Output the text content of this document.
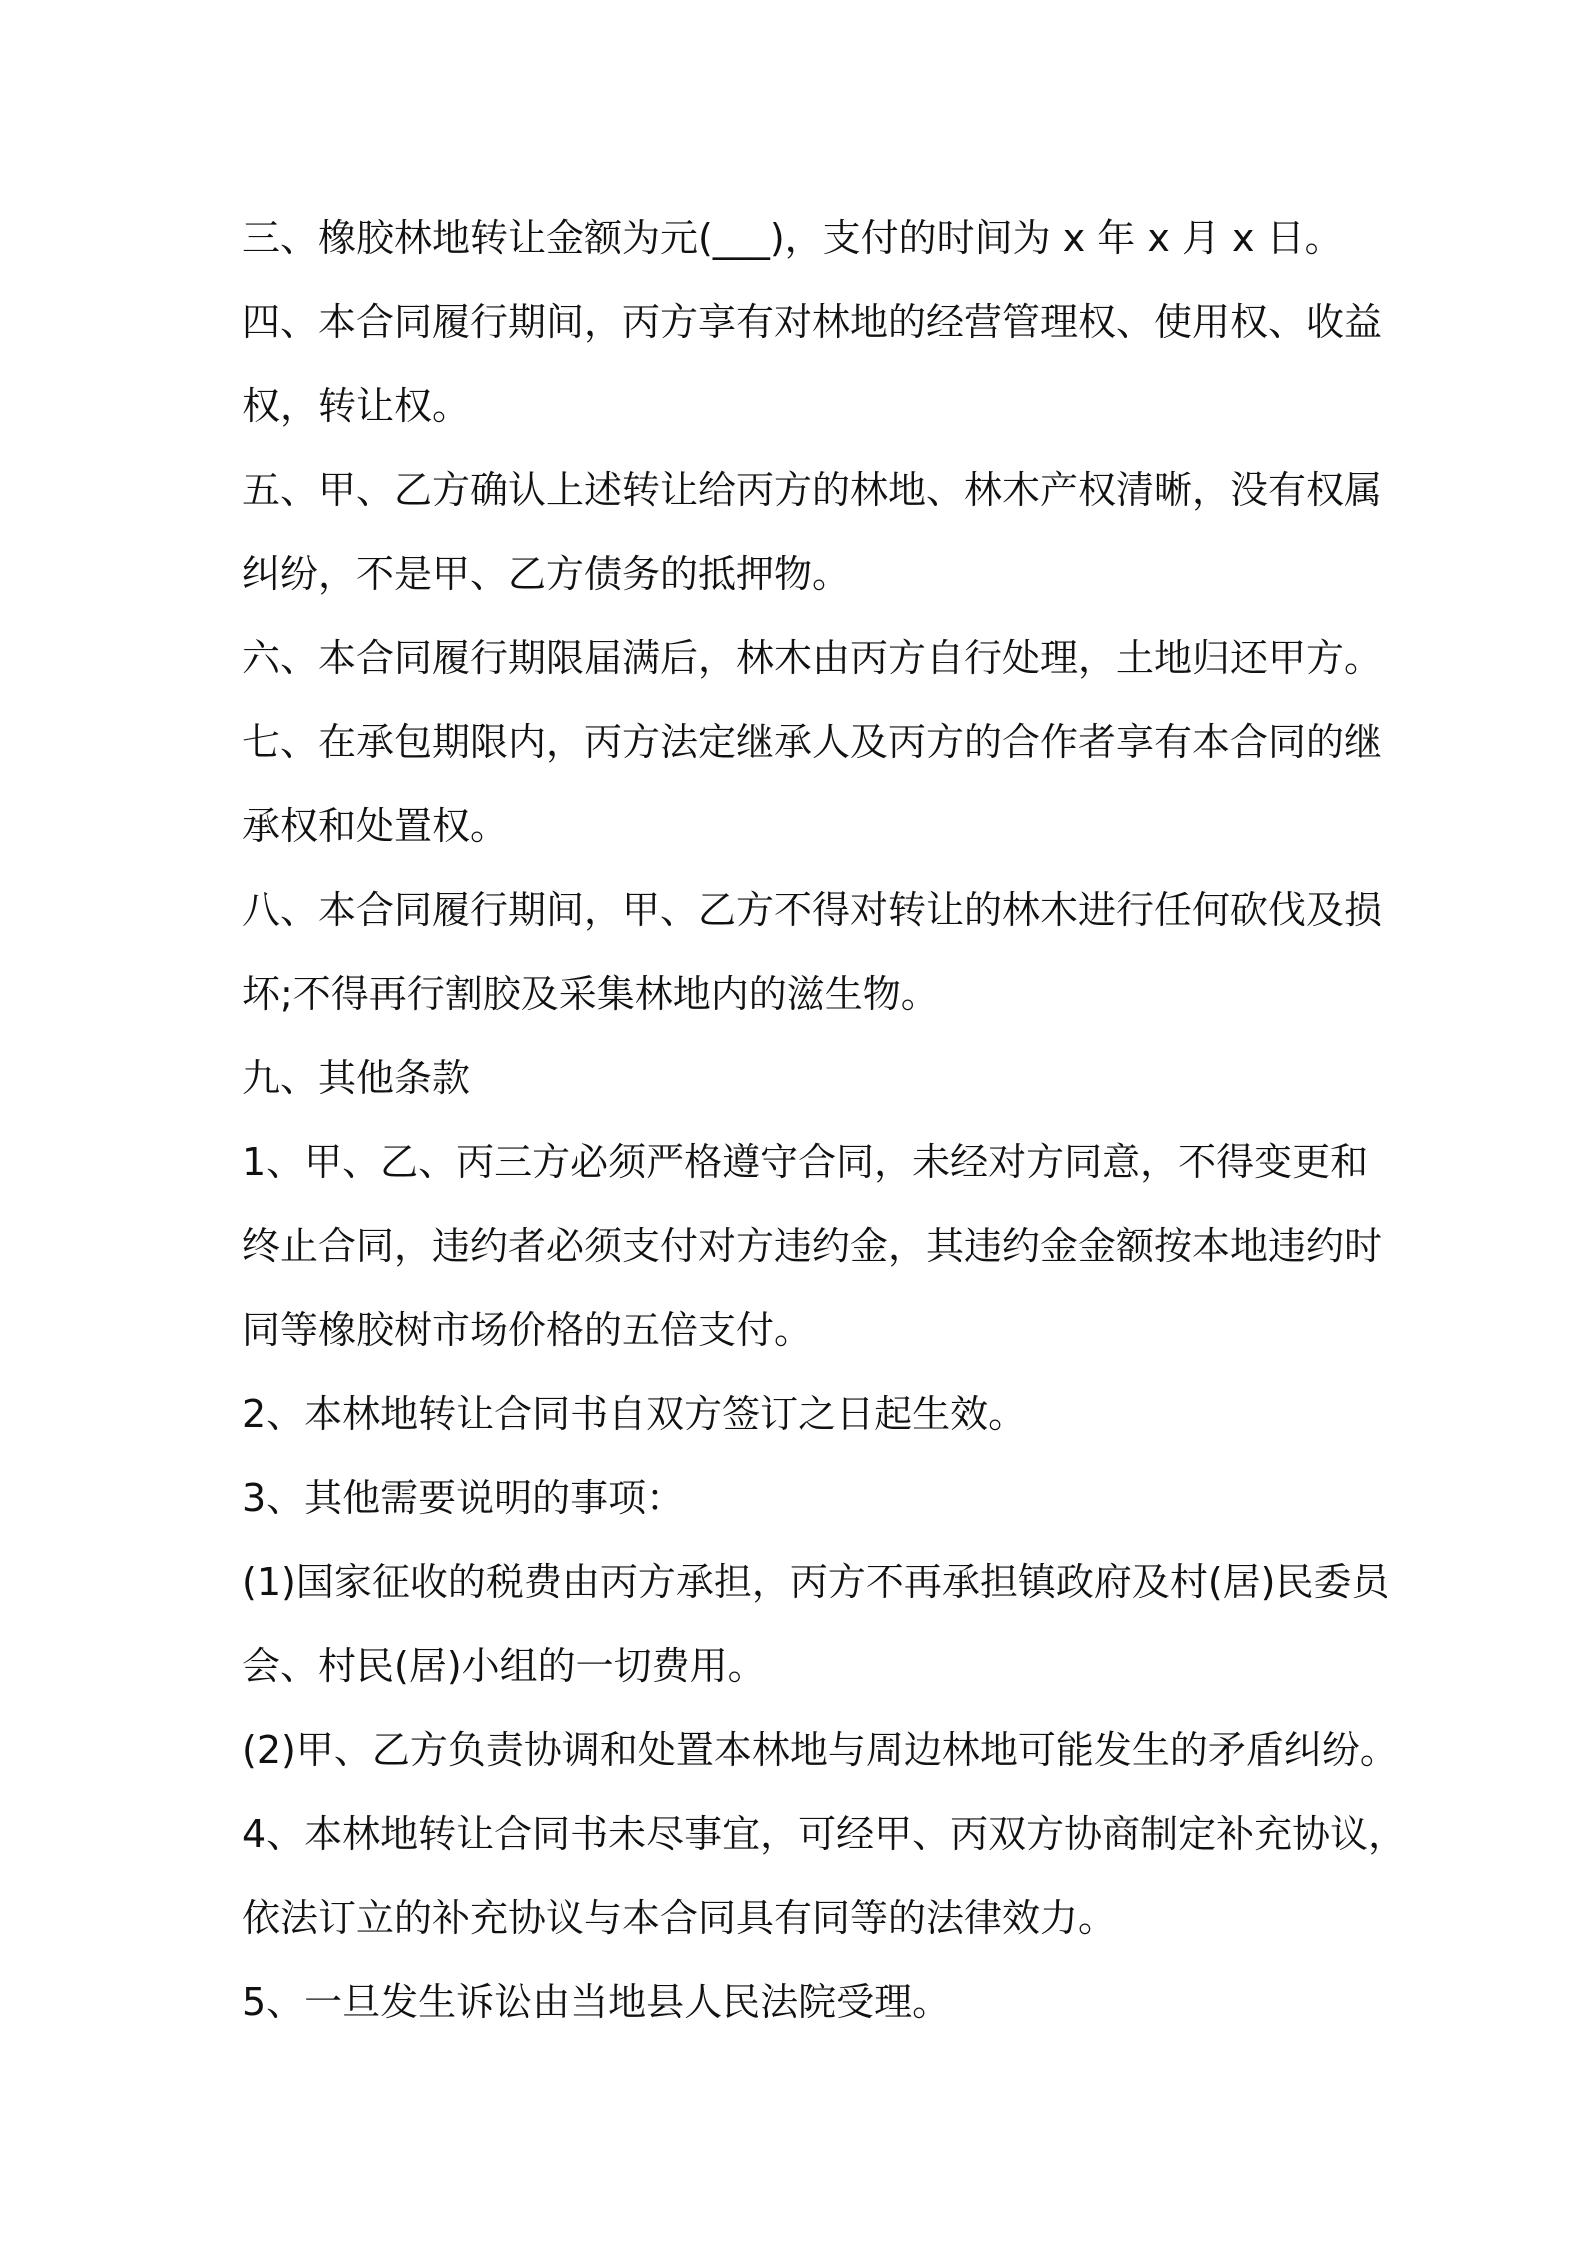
三、橡胶林地转让金额为元(___)，支付的时间为 x 年 x 月 x 日。

四、本合同履行期间，丙方享有对林地的经营管理权、使用权、收益

权，转让权。

五、甲、乙方确认上述转让给丙方的林地、林木产权清晰，没有权属

纠纷，不是甲、乙方债务的抵押物。

六、本合同履行期限届满后，林木由丙方自行处理，土地归还甲方。

七、在承包期限内，丙方法定继承人及丙方的合作者享有本合同的继

承权和处置权。

八、本合同履行期间，甲、乙方不得对转让的林木进行任何砍伐及损

坏;不得再行割胶及采集林地内的滋生物。

九、其他条款

1、甲、乙、丙三方必须严格遵守合同，未经对方同意，不得变更和

终止合同，违约者必须支付对方违约金，其违约金金额按本地违约时

同等橡胶树市场价格的五倍支付。

2、本林地转让合同书自双方签订之日起生效。

3、其他需要说明的事项：

(1)国家征收的税费由丙方承担，丙方不再承担镇政府及村(居)民委员

会、村民(居)小组的一切费用。

(2)甲、乙方负责协调和处置本林地与周边林地可能发生的矛盾纠纷。

4、本林地转让合同书未尽事宜，可经甲、丙双方协商制定补充协议，

依法订立的补充协议与本合同具有同等的法律效力。

5、一旦发生诉讼由当地县人民法院受理。
